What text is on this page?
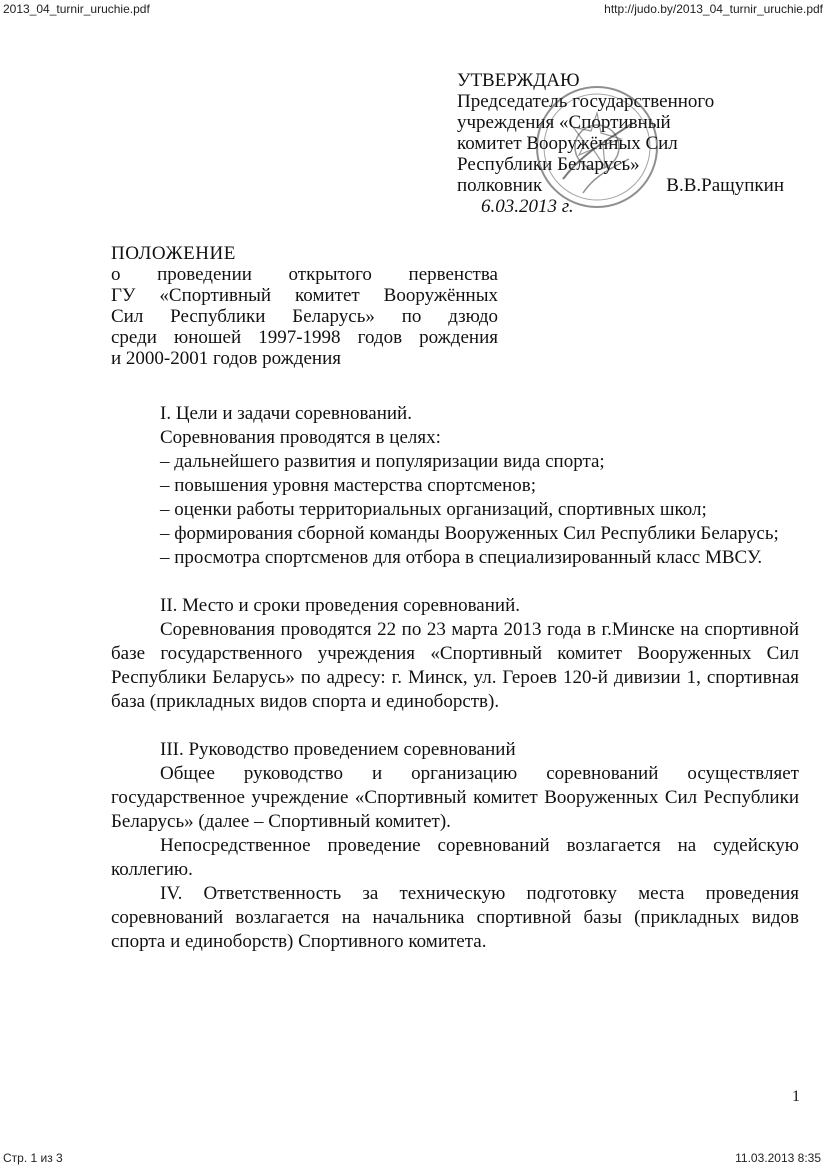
2013_04_turnir_uruchie.pdf	http://judo.by/2013_04_turnir_uruchie.pdf
УТВЕРЖДАЮ
Председатель государственного
учреждения «Спортивный
комитет Вооружённых Сил
Республики Беларусь»
полковник	В.В.Ращупкин
6.03.2013 г.
ПОЛОЖЕНИЕ
о проведении открытого первенства
ГУ «Спортивный комитет Вооружённых
Сил Республики Беларусь» по дзюдо
среди юношей 1997-1998 годов рождения
и 2000-2001 годов рождения
I. Цели и задачи соревнований.
Соревнования проводятся в целях:
– дальнейшего развития и популяризации вида спорта;
– повышения уровня мастерства спортсменов;
– оценки работы территориальных организаций, спортивных школ;
– формирования сборной команды Вооруженных Сил Республики Беларусь;
– просмотра спортсменов для отбора в специализированный класс МВСУ.
II. Место и сроки проведения соревнований.
Соревнования проводятся 22 по 23 марта 2013 года в г.Минске на спортивной базе государственного учреждения «Спортивный комитет Вооруженных Сил Республики Беларусь» по адресу: г. Минск, ул. Героев 120-й дивизии 1, спортивная база (прикладных видов спорта и единоборств).
III. Руководство проведением соревнований
Общее руководство и организацию соревнований осуществляет государственное учреждение «Спортивный комитет Вооруженных Сил Республики Беларусь» (далее – Спортивный комитет).
Непосредственное проведение соревнований возлагается на судейскую коллегию.
IV. Ответственность за техническую подготовку места проведения соревнований возлагается на начальника спортивной базы (прикладных видов спорта и единоборств) Спортивного комитета.
1
Стр. 1 из 3	11.03.2013 8:35
